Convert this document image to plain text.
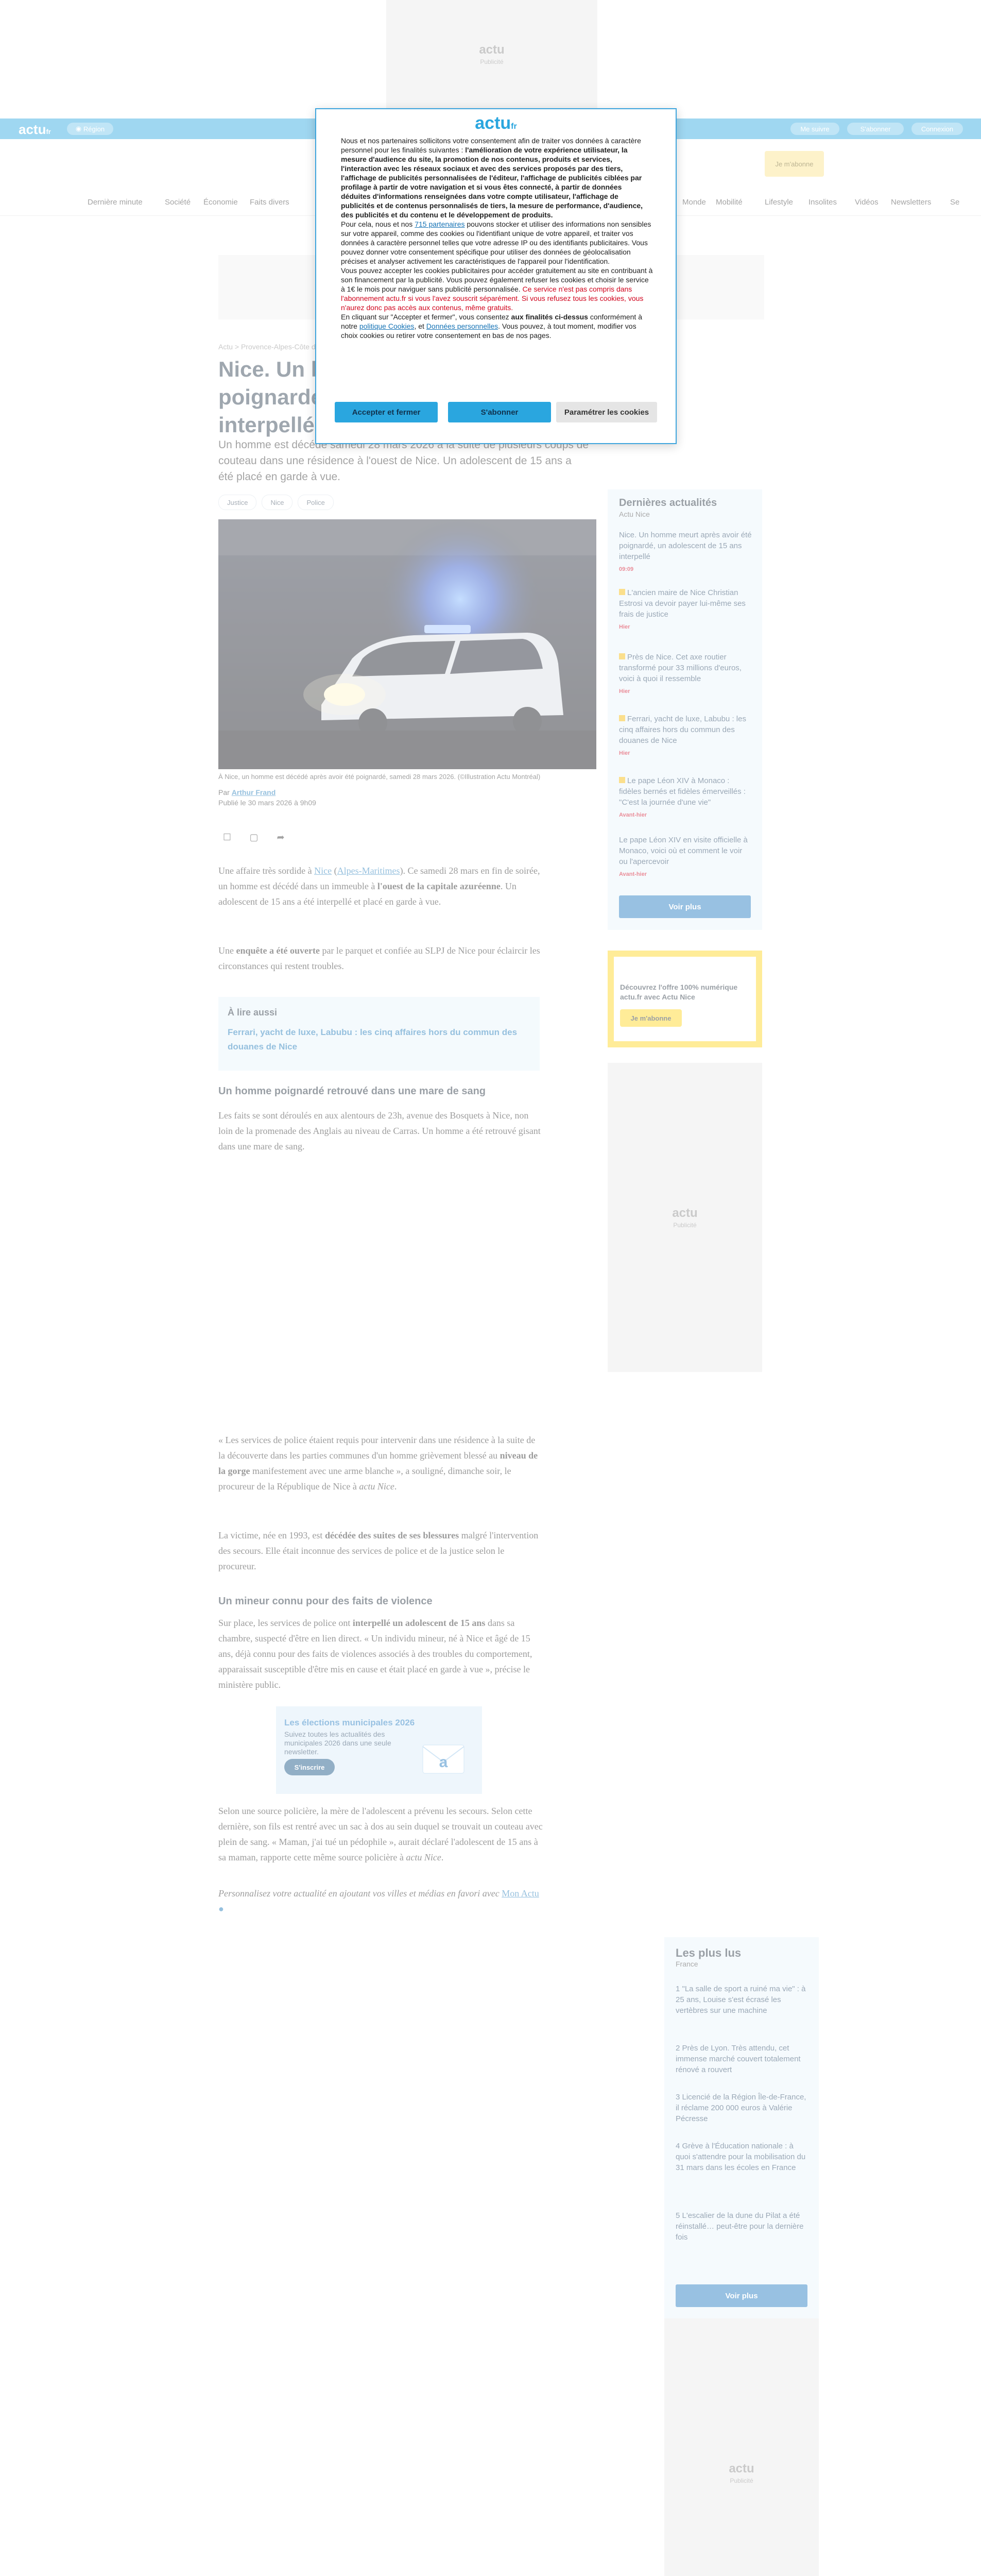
actufr
Nous et nos partenaires sollicitons votre consentement afin de traiter vos données à caractère personnel pour les finalités suivantes : l'amélioration de votre expérience utilisateur, la mesure d'audience du site, la promotion de nos contenus, produits et services, l'interaction avec les réseaux sociaux et avec des services proposés par des tiers, l'affichage de publicités personnalisées de l'éditeur, l'affichage de publicités ciblées par profilage à partir de votre navigation et si vous êtes connecté, à partir de données déduites d'informations renseignées dans votre compte utilisateur, l'affichage de publicités et de contenus personnalisés de tiers, la mesure de performance, d'audience, des publicités et du contenu et le développement de produits.
Pour cela, nous et nos 715 partenaires pouvons stocker et utiliser des informations non sensibles sur votre appareil, comme des cookies ou l'identifiant unique de votre appareil, et traiter vos données à caractère personnel telles que votre adresse IP ou des identifiants publicitaires. Vous pouvez donner votre consentement spécifique pour utiliser des données de géolocalisation précises et analyser activement les caractéristiques de l'appareil pour l'identification.
Vous pouvez accepter les cookies publicitaires pour accéder gratuitement au site en contribuant à son financement par la publicité. Vous pouvez également refuser les cookies et choisir le service à 1€ le mois pour naviguer sans publicité personnalisée. Ce service n'est pas compris dans l'abonnement actu.fr si vous l'avez souscrit séparément. Si vous refusez tous les cookies, vous n'aurez donc pas accès aux contenus, même gratuits.
En cliquant sur "Accepter et fermer", vous consentez aux finalités ci-dessus conformément à notre politique Cookies, et Données personnelles. Vous pouvez, à tout moment, modifier vos choix cookies ou retirer votre consentement en bas de nos pages.
Accepter et fermer	S'abonner	Paramétrer les cookies
